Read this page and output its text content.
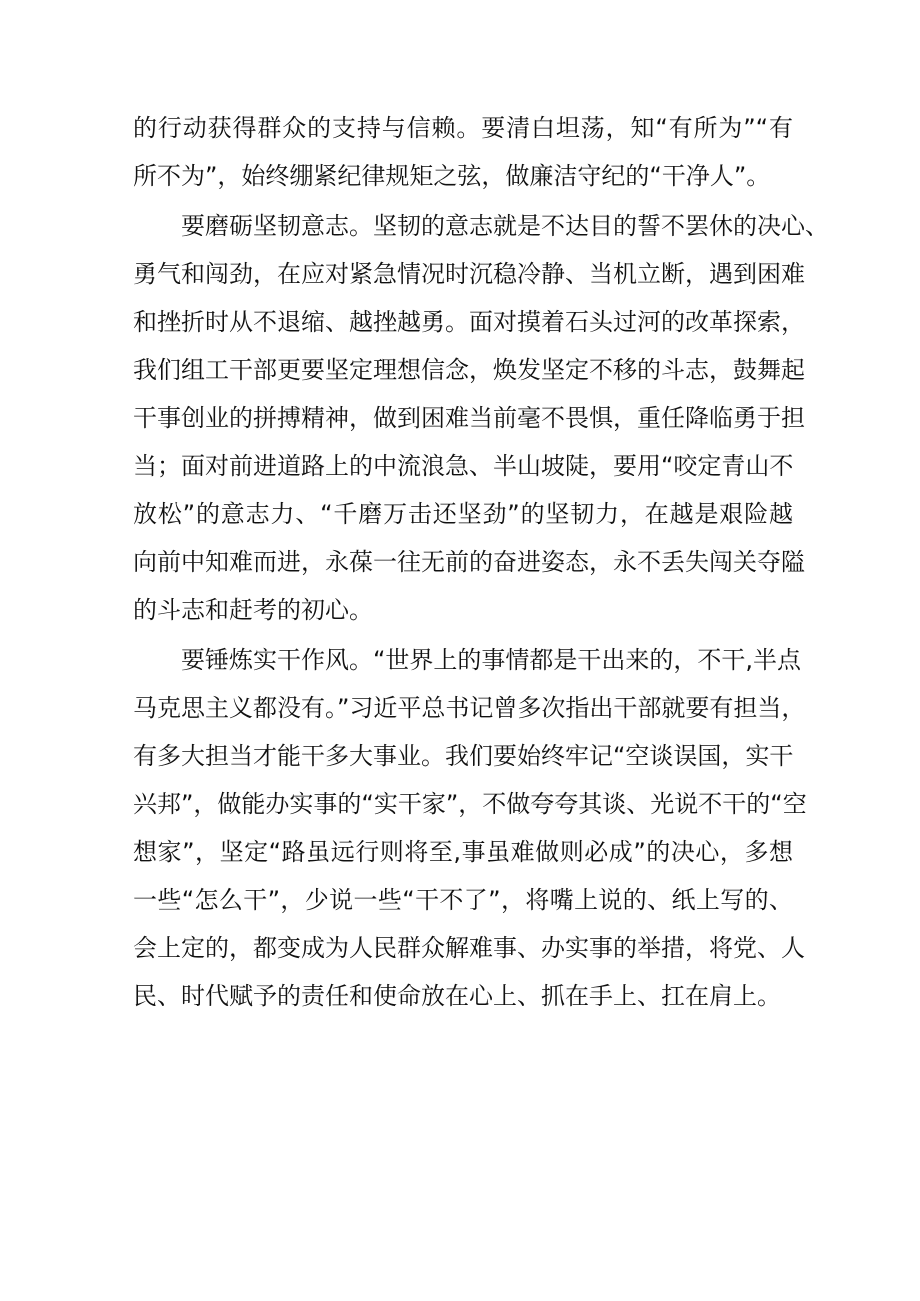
的行动获得群众的支持与信赖。要清白坦荡，知“有所为”“有
所不为”，始终绷紧纪律规矩之弦，做廉洁守纪的“干净人”。
要磨砺坚韧意志。坚韧的意志就是不达目的誓不罢休的决心、
勇气和闯劲，在应对紧急情况时沉稳冷静、当机立断，遇到困难
和挫折时从不退缩、越挫越勇。面对摸着石头过河的改革探索，
我们组工干部更要坚定理想信念，焕发坚定不移的斗志，鼓舞起
干事创业的拼搏精神，做到困难当前毫不畏惧，重任降临勇于担
当；面对前进道路上的中流浪急、半山坡陡，要用“咬定青山不
放松”的意志力、“千磨万击还坚劲”的坚韧力，在越是艰险越
向前中知难而进，永葆一往无前的奋进姿态，永不丢失闯关夺隘
的斗志和赶考的初心。
要锤炼实干作风。“世界上的事情都是干出来的，不干,半点
马克思主义都没有。”习近平总书记曾多次指出干部就要有担当，
有多大担当才能干多大事业。我们要始终牢记“空谈误国，实干
兴邦”，做能办实事的“实干家”，不做夸夸其谈、光说不干的“空
想家”，坚定“路虽远行则将至,事虽难做则必成”的决心，多想
一些“怎么干”，少说一些“干不了”，将嘴上说的、纸上写的、
会上定的，都变成为人民群众解难事、办实事的举措，将党、人
民、时代赋予的责任和使命放在心上、抓在手上、扛在肩上。
